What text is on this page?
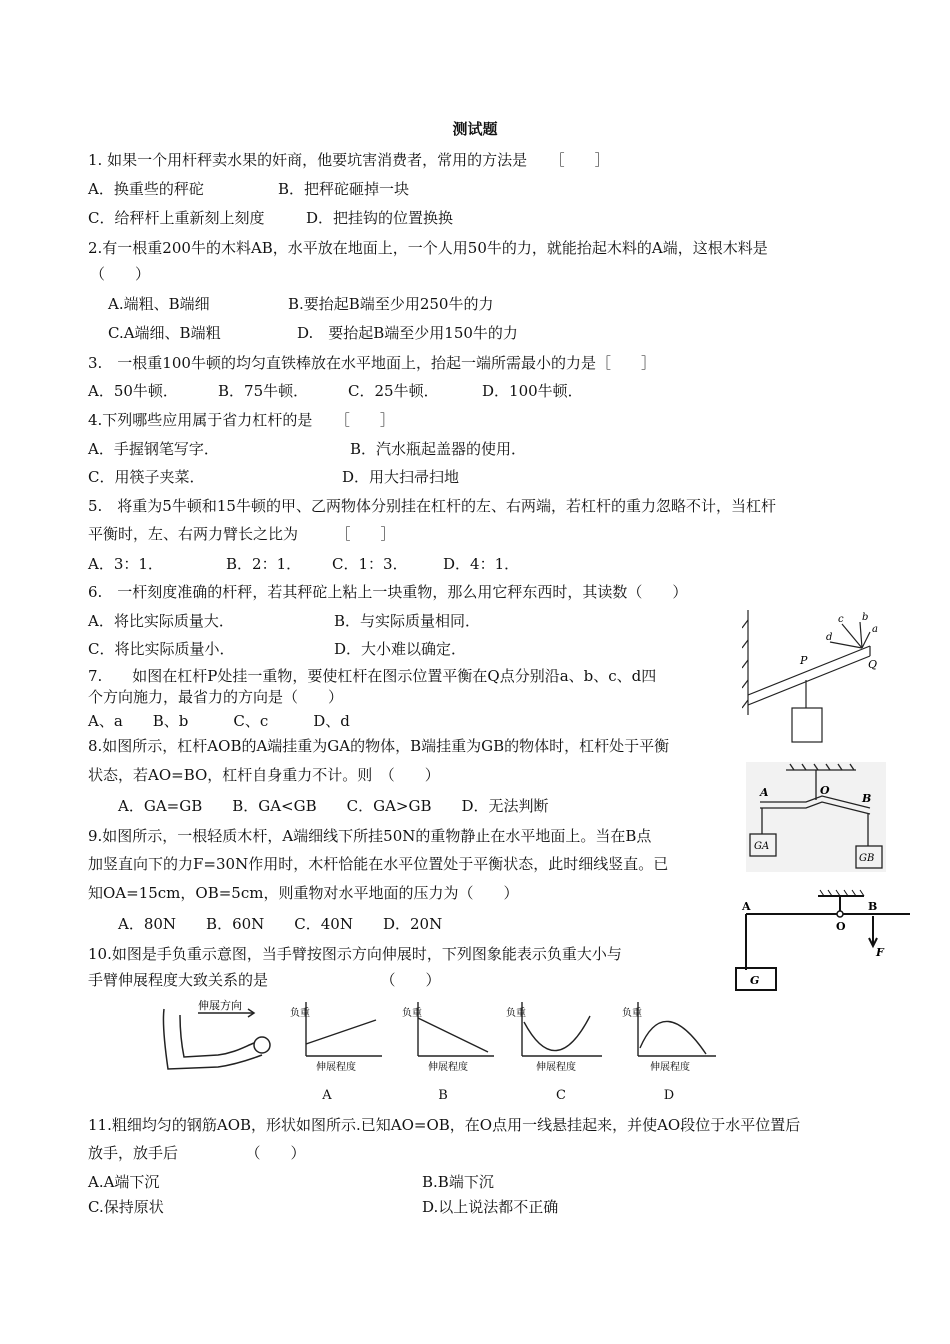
测试题
1. 如果一个用杆秤卖水果的奸商，他要坑害消费者，常用的方法是　　［　　］
A．换重些的秤砣	B．把秤砣砸掉一块
C．给秤杆上重新刻上刻度	D．把挂钩的位置换换
2.有一根重200牛的木料AB，水平放在地面上，一个人用50牛的力，就能抬起木料的A端，这根木料是
（　　）
A.端粗、B端细	B.要抬起B端至少用250牛的力
C.A端细、B端粗	D.　要抬起B端至少用150牛的力
3.　一根重100牛顿的均匀直铁棒放在水平地面上，抬起一端所需最小的力是［　　］
A．50牛顿．	B．75牛顿．	C．25牛顿．	D．100牛顿．
4.下列哪些应用属于省力杠杆的是　　［　　］
A．手握钢笔写字．	B．汽水瓶起盖器的使用．
C．用筷子夹菜．	D．用大扫帚扫地
5.　将重为5牛顿和15牛顿的甲、乙两物体分别挂在杠杆的左、右两端，若杠杆的重力忽略不计，当杠杆
平衡时，左、右两力臂长之比为　　　［　　］
A．3：1．	B．2：1． C．1：3． D．4：1．
6.　一杆刻度准确的杆秤，若其秤砣上粘上一块重物，那么用它秤东西时，其读数（　　）
A．将比实际质量大．	B．与实际质量相同．
C．将比实际质量小．	D．大小难以确定．
7.　　如图在杠杆P处挂一重物，要使杠杆在图示位置平衡在Q点分别沿a、b、c、d四
个方向施力，最省力的方向是（　　）
A、a　　B、b　　　C、c　　　D、d
P	Q
a
b
c
d
8.如图所示，杠杆AOB的A端挂重为GA的物体，B端挂重为GB的物体时，杠杆处于平衡
状态，若AO=BO，杠杆自身重力不计。则　（　　）
A．GA=GB　　B．GA<GB　　C．GA>GB　　D．无法判断
A	O
B
GA
GB
9.如图所示，一根轻质木杆，A端细线下所挂50N的重物静止在水平地面上。当在B点
加竖直向下的力F=30N作用时，木杆恰能在水平位置处于平衡状态，此时细线竖直。已
知OA=15cm，OB=5cm，则重物对水平地面的压力为（　　）
A．80N　　B．60N　　C．40N　　D．20N
A
O
B
F
G
10.如图是手负重示意图，当手臂按图示方向伸展时，下列图象能表示负重大小与
手臂伸展程度大致关系的是　　　　　　　　（　　）
伸展方向
负重
伸展程度
负重
伸展程度
负重
伸展程度
负重
伸展程度
A	B	C	D
11.粗细均匀的钢筋AOB，形状如图所示.已知AO=OB，在O点用一线悬挂起来，并使AO段位于水平位置后
放手，放手后　　　　　（　　）
A.A端下沉	B.B端下沉
C.保持原状	D.以上说法都不正确
